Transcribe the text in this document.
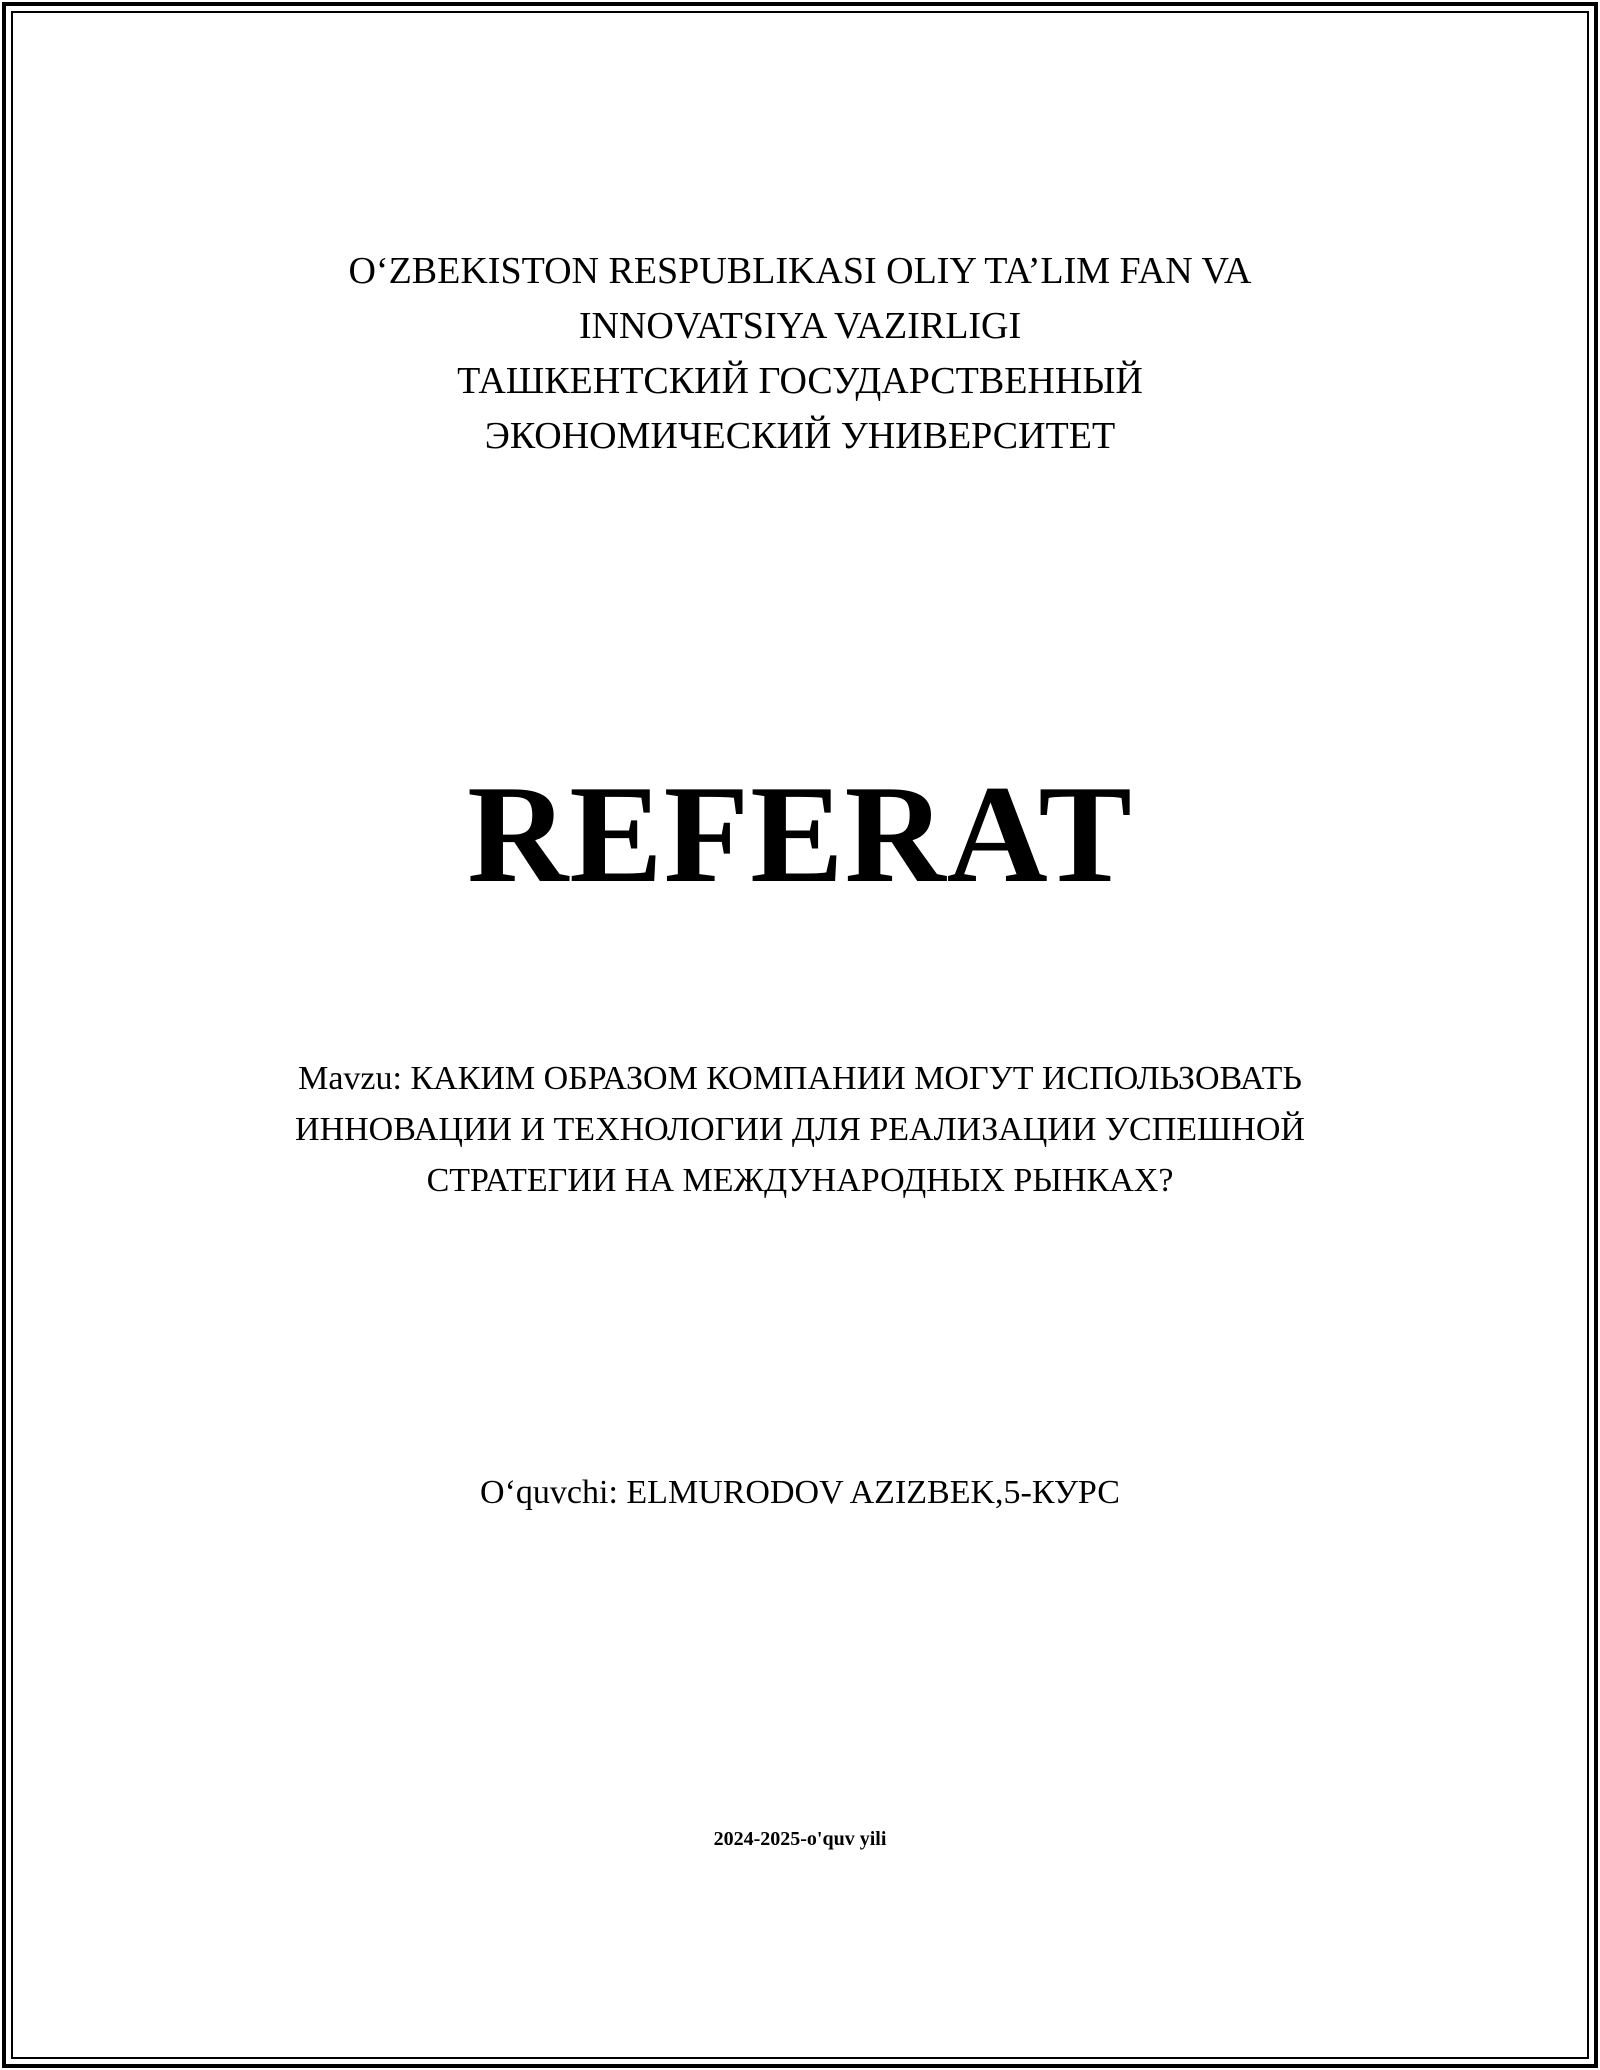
O‘ZBEKISTON RESPUBLIKASI OLIY TA’LIM FAN VA
INNOVATSIYA VAZIRLIGI
ТАШКЕНТСКИЙ ГОСУДАРСТВЕННЫЙ
ЭКОНОМИЧЕСКИЙ УНИВЕРСИТЕТ
REFERAT
Mavzu: КАКИМ ОБРАЗОМ КОМПАНИИ МОГУТ ИСПОЛЬЗОВАТЬ
ИННОВАЦИИ И ТЕХНОЛОГИИ ДЛЯ РЕАЛИЗАЦИИ УСПЕШНОЙ
СТРАТЕГИИ НА МЕЖДУНАРОДНЫХ РЫНКАХ?
O‘quvchi: ELMURODOV AZIZBEK,5-КУРС
2024-2025-o'quv yili
